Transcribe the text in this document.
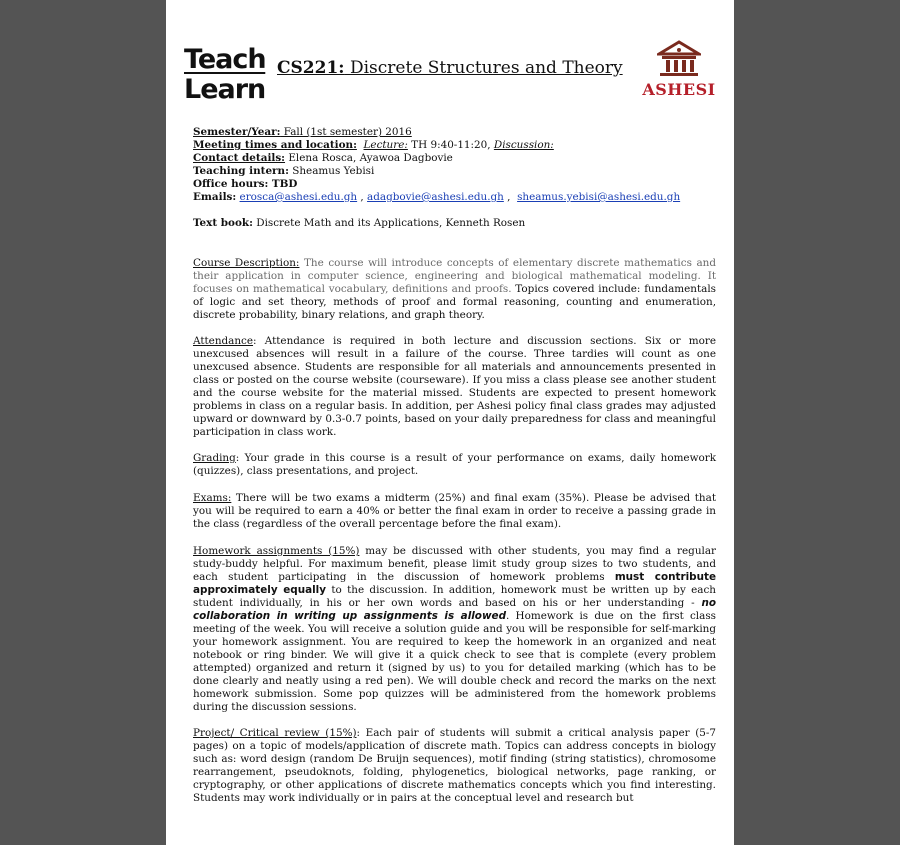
Teach
Learn
CS221: Discrete Structures and Theory
ASHESI
Semester/Year: Fall (1st semester) 2016
Meeting times and location: Lecture: TH 9:40-11:20, Discussion:
Contact details: Elena Rosca, Ayawoa Dagbovie
Teaching intern: Sheamus Yebisi
Office hours: TBD
Emails: erosca@ashesi.edu.gh , adagbovie@ashesi.edu.gh ,  sheamus.yebisi@ashesi.edu.gh
Text book: Discrete Math and its Applications, Kenneth Rosen
Course Description: The course will introduce concepts of elementary discrete mathematics and their application in computer science, engineering and biological mathematical modeling. It focuses on mathematical vocabulary, definitions and proofs. Topics covered include: fundamentals of logic and set theory, methods of proof and formal reasoning, counting and enumeration, discrete probability, binary relations, and graph theory.
Attendance: Attendance is required in both lecture and discussion sections. Six or more unexcused absences will result in a failure of the course. Three tardies will count as one unexcused absence. Students are responsible for all materials and announcements presented in class or posted on the course website (courseware). If you miss a class please see another student and the course website for the material missed. Students are expected to present homework problems in class on a regular basis. In addition, per Ashesi policy final class grades may adjusted upward or downward by 0.3-0.7 points, based on your daily preparedness for class and meaningful participation in class work.
Grading: Your grade in this course is a result of your performance on exams, daily homework (quizzes), class presentations, and project.
Exams: There will be two exams a midterm (25%) and final exam (35%). Please be advised that you will be required to earn a 40% or better the final exam in order to receive a passing grade in the class (regardless of the overall percentage before the final exam).
Homework assignments (15%) may be discussed with other students, you may find a regular study-buddy helpful. For maximum benefit, please limit study group sizes to two students, and each student participating in the discussion of homework problems must contribute approximately equally to the discussion. In addition, homework must be written up by each student individually, in his or her own words and based on his or her understanding - no collaboration in writing up assignments is allowed. Homework is due on the first class meeting of the week. You will receive a solution guide and you will be responsible for self-marking your homework assignment. You are required to keep the homework in an organized and neat notebook or ring binder. We will give it a quick check to see that is complete (every problem attempted) organized and return it (signed by us) to you for detailed marking (which has to be done clearly and neatly using a red pen). We will double check and record the marks on the next homework submission. Some pop quizzes will be administered from the homework problems during the discussion sessions.
Project/ Critical review (15%): Each pair of students will submit a critical analysis paper (5-7 pages) on a topic of models/application of discrete math. Topics can address concepts in biology such as: word design (random De Bruijn sequences), motif finding (string statistics), chromosome rearrangement, pseudoknots, folding, phylogenetics, biological networks, page ranking, or cryptography, or other applications of discrete mathematics concepts which you find interesting. Students may work individually or in pairs at the conceptual level and research but
